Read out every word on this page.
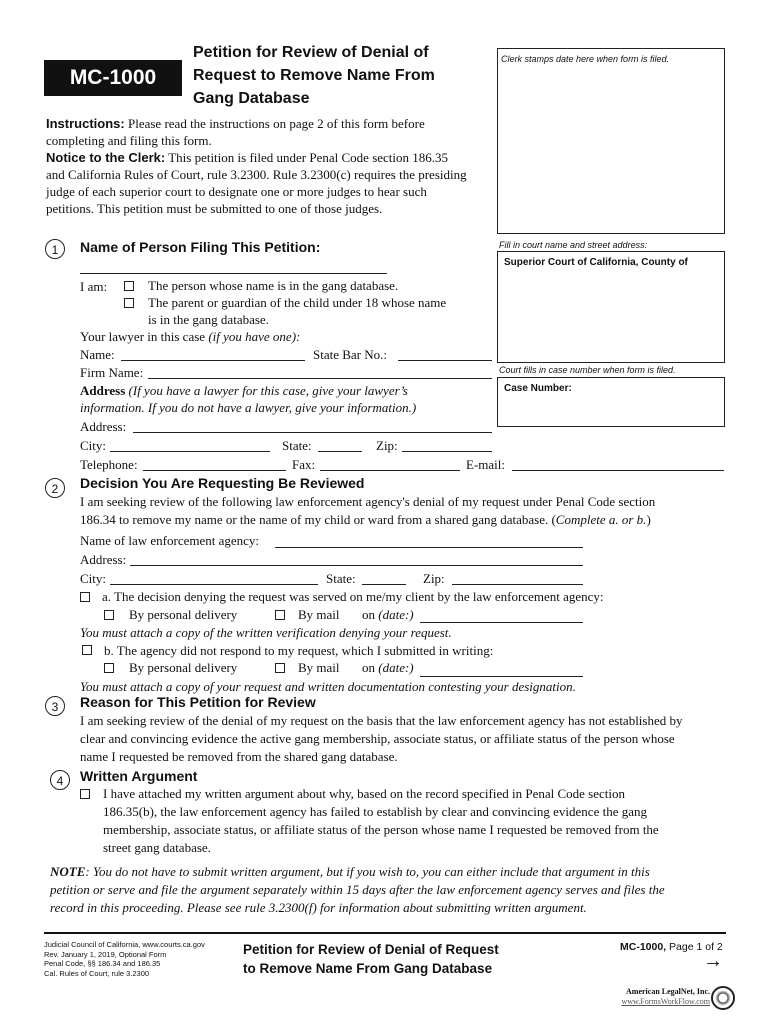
MC-1000
Petition for Review of Denial of
Request to Remove Name From
Gang Database
Clerk stamps date here when form is filed.
Instructions: Please read the instructions on page 2 of this form before
completing and filing this form.
Notice to the Clerk: This petition is filed under Penal Code section 186.35
and California Rules of Court, rule 3.2300. Rule 3.2300(c) requires the presiding
judge of each superior court to designate one or more judges to hear such
petitions. This petition must be submitted to one of those judges.
Fill in court name and street address:
Superior Court of California, County of
Court fills in case number when form is filed.
Case Number:
1	Name of Person Filing This Petition:
I am:	The person whose name is in the gang database.
The parent or guardian of the child under 18 whose name
is in the gang database.
Your lawyer in this case (if you have one):
Name:	State Bar No.:
Firm Name:
Address (If you have a lawyer for this case, give your lawyer’s
information. If you do not have a lawyer, give your information.)
Address:
City:	State:	Zip:
Telephone:	Fax:	E-mail:
2	Decision You Are Requesting Be Reviewed
I am seeking review of the following law enforcement agency's denial of my request under Penal Code section
186.34 to remove my name or the name of my child or ward from a shared gang database. (Complete a. or b.)
Name of law enforcement agency:
Address:
City:	State:	Zip:
a. The decision denying the request was served on me/my client by the law enforcement agency:
By personal delivery	By mail on (date:)
You must attach a copy of the written verification denying your request.
b. The agency did not respond to my request, which I submitted in writing:
By personal delivery	By mail on (date:)
You must attach a copy of your request and written documentation contesting your designation.
3	Reason for This Petition for Review
I am seeking review of the denial of my request on the basis that the law enforcement agency has not established by
clear and convincing evidence the active gang membership, associate status, or affiliate status of the person whose
name I requested be removed from the shared gang database.
4	Written Argument
I have attached my written argument about why, based on the record specified in Penal Code section
186.35(b), the law enforcement agency has failed to establish by clear and convincing evidence the gang
membership, associate status, or affiliate status of the person whose name I requested be removed from the
street gang database.
NOTE: You do not have to submit written argument, but if you wish to, you can either include that argument in this
petition or serve and file the argument separately within 15 days after the law enforcement agency serves and files the
record in this proceeding. Please see rule 3.2300(f) for information about submitting written argument.
Judicial Council of California, www.courts.ca.gov
Rev. January 1, 2019, Optional Form
Penal Code, §§ 186.34 and 186.35
Cal. Rules of Court, rule 3.2300
Petition for Review of Denial of Request
to Remove Name From Gang Database
MC-1000, Page 1 of 2
→
American LegalNet, Inc.
www.FormsWorkFlow.com
